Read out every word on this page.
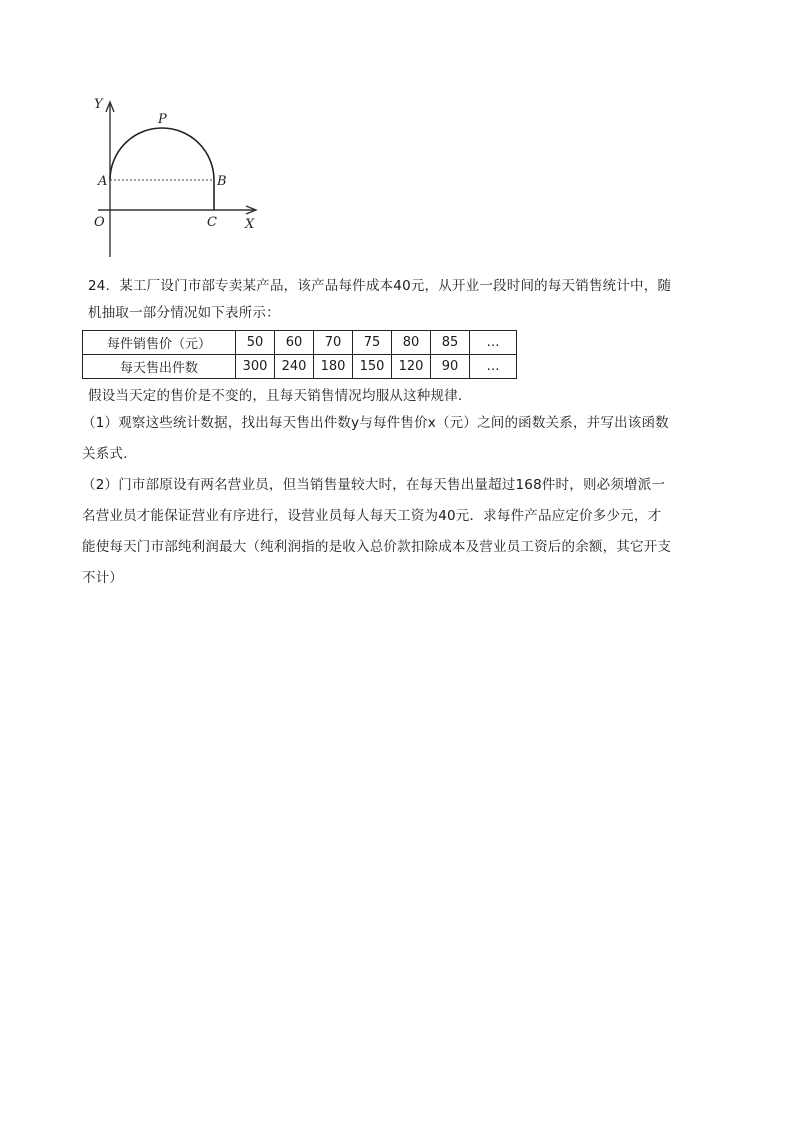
Y
X
O
A	B
C
P
24．某工厂设门市部专卖某产品，该产品每件成本40元，从开业一段时间的每天销售统计中，随
机抽取一部分情况如下表所示：
每件销售价（元）	50	60	70	75	80	85	…
每天售出件数	300	240	180	150	120	90	…
假设当天定的售价是不变的，且每天销售情况均服从这种规律.
（1）观察这些统计数据，找出每天售出件数y与每件售价x（元）之间的函数关系，并写出该函数
关系式.
（2）门市部原设有两名营业员，但当销售量较大时，在每天售出量超过168件时，则必须增派一
名营业员才能保证营业有序进行，设营业员每人每天工资为40元．求每件产品应定价多少元，才
能使每天门市部纯利润最大（纯利润指的是收入总价款扣除成本及营业员工资后的余额，其它开支
不计）
